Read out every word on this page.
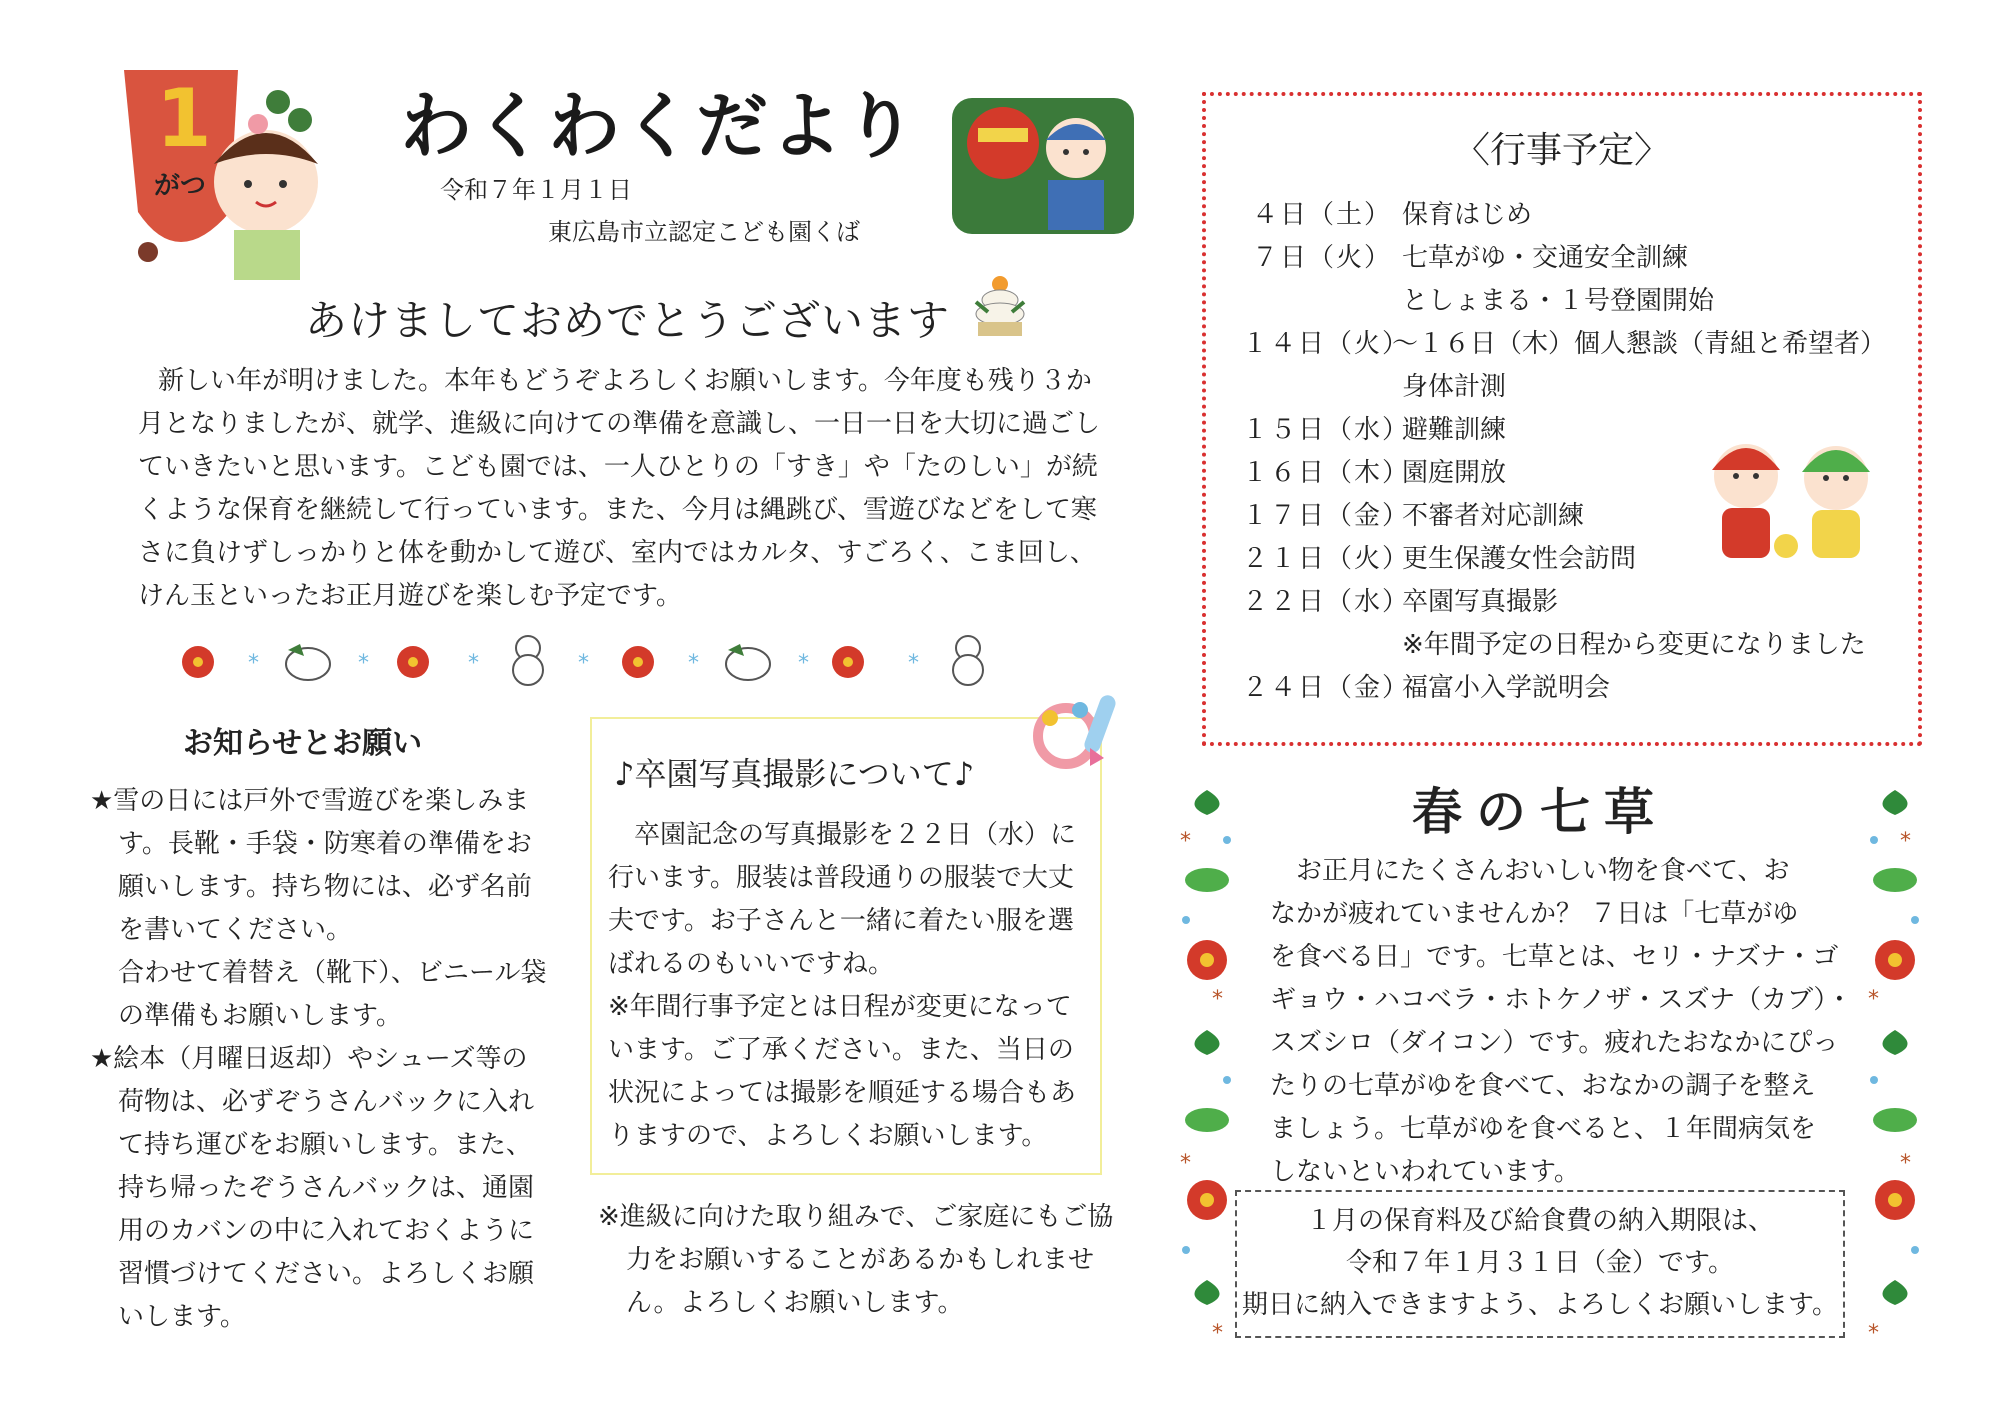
1
がつ
わくわくだより
令和７年１月１日
東広島市立認定こども園くば
あけましておめでとうございます

新しい年が明けました。本年もどうぞよろしくお願いします。今年度も残り３か

月となりましたが、就学、進級に向けての準備を意識し、一日一日を大切に過ごし

ていきたいと思います。こども園では、一人ひとりの「すき」や「たのしい」が続

くような保育を継続して行っています。また、今月は縄跳び、雪遊びなどをして寒

さに負けずしっかりと体を動かして遊び、室内ではカルタ、すごろく、こま回し、

けん玉といったお正月遊びを楽しむ予定です。

*	*	*	*	*	*	*
〈行事予定〉
４日（土） 保育はじめ
７日（火） 七草がゆ・交通安全訓練
としょまる・１号登園開始
１４日（火）～１６日（木）個人懇談（青組と希望者）
身体計測
１５日（水）避難訓練
１６日（木）園庭開放
１７日（金）不審者対応訓練
２１日（火）更生保護女性会訪問
２２日（水）卒園写真撮影
※年間予定の日程から変更になりました
２４日（金）福富小入学説明会
お知らせとお願い

★雪の日には戸外で雪遊びを楽しみま

す。長靴・手袋・防寒着の準備をお

願いします。持ち物には、必ず名前

を書いてください。

合わせて着替え（靴下）、ビニール袋

の準備もお願いします。

★絵本（月曜日返却）やシューズ等の

荷物は、必ずぞうさんバックに入れ

て持ち運びをお願いします。また、

持ち帰ったぞうさんバックは、通園

用のカバンの中に入れておくように

習慣づけてください。よろしくお願

いします。

♪卒園写真撮影について♪

卒園記念の写真撮影を２２日（水）に

行います。服装は普段通りの服装で大丈

夫です。お子さんと一緒に着たい服を選

ばれるのもいいですね。

※年間行事予定とは日程が変更になって

います。ご了承ください。また、当日の

状況によっては撮影を順延する場合もあ

りますので、よろしくお願いします。

※進級に向けた取り組みで、ご家庭にもご協

力をお願いすることがあるかもしれませ

ん。よろしくお願いします。

*
*
*
*
*
*
*
*
春の七草

お正月にたくさんおいしい物を食べて、お

なかが疲れていませんか？ ７日は「七草がゆ

を食べる日」です。七草とは、セリ・ナズナ・ゴ

ギョウ・ハコベラ・ホトケノザ・スズナ（カブ）・

スズシロ（ダイコン）です。疲れたおなかにぴっ

たりの七草がゆを食べて、おなかの調子を整え

ましょう。七草がゆを食べると、１年間病気を

しないといわれています。

１月の保育料及び給食費の納入期限は、
令和７年１月３１日（金）です。
期日に納入できますよう、よろしくお願いします。
